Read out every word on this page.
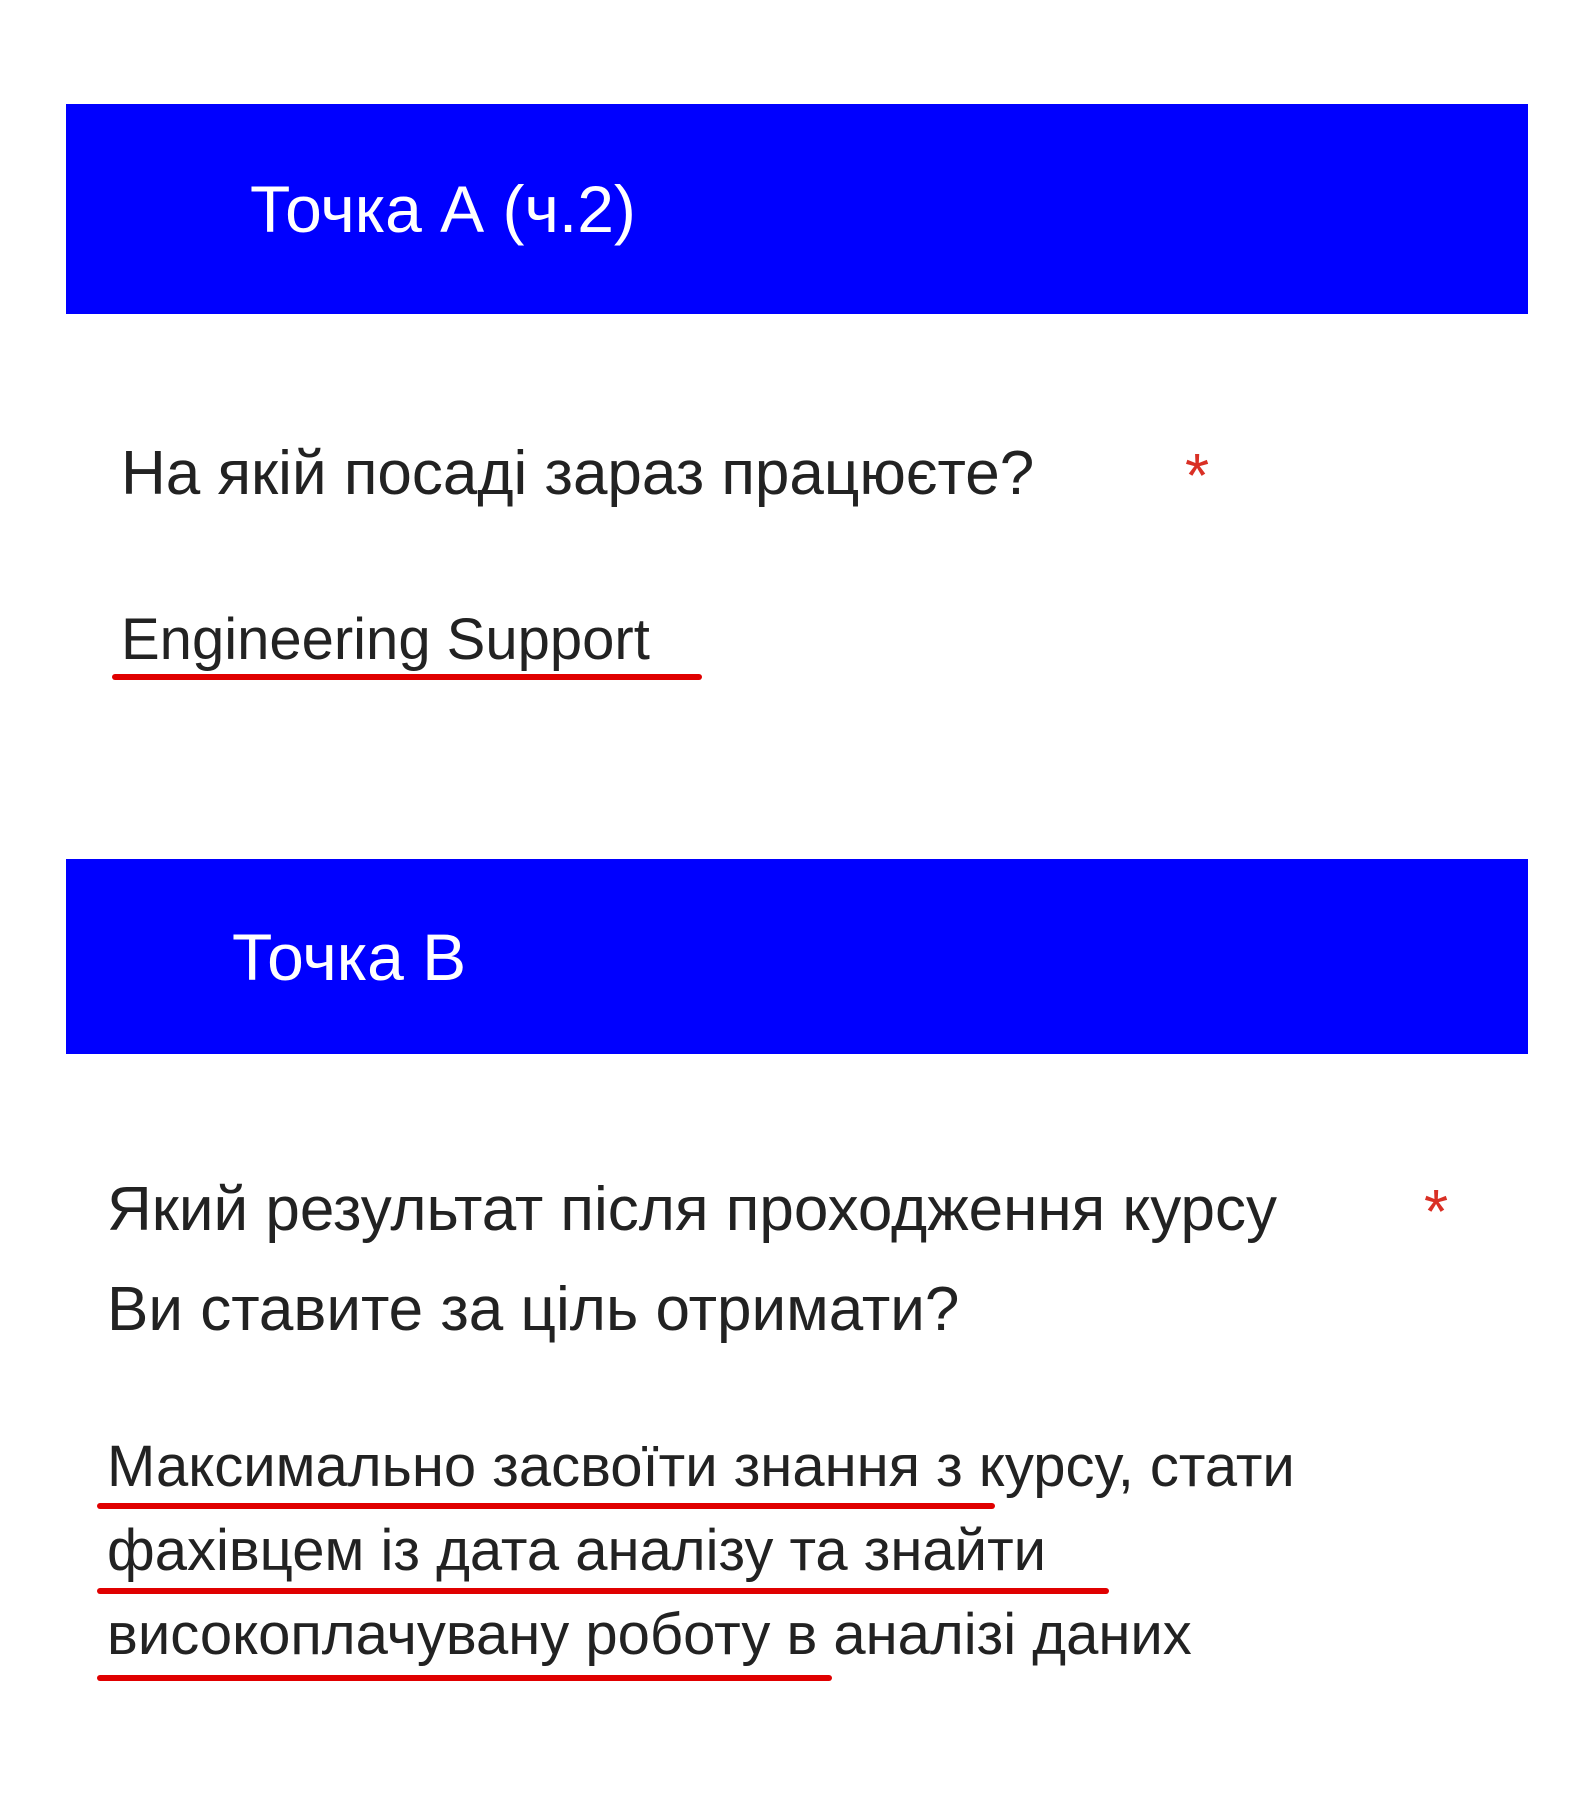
Точка А (ч.2)
На якій посаді зараз працюєте? *
Engineering Support
Точка В
Який результат після проходження курсу Ви ставите за ціль отримати?
*
Максимально засвоїти знання з курсу, стати фахівцем із дата аналізу та знайти високоплачувану роботу в аналізі даних
